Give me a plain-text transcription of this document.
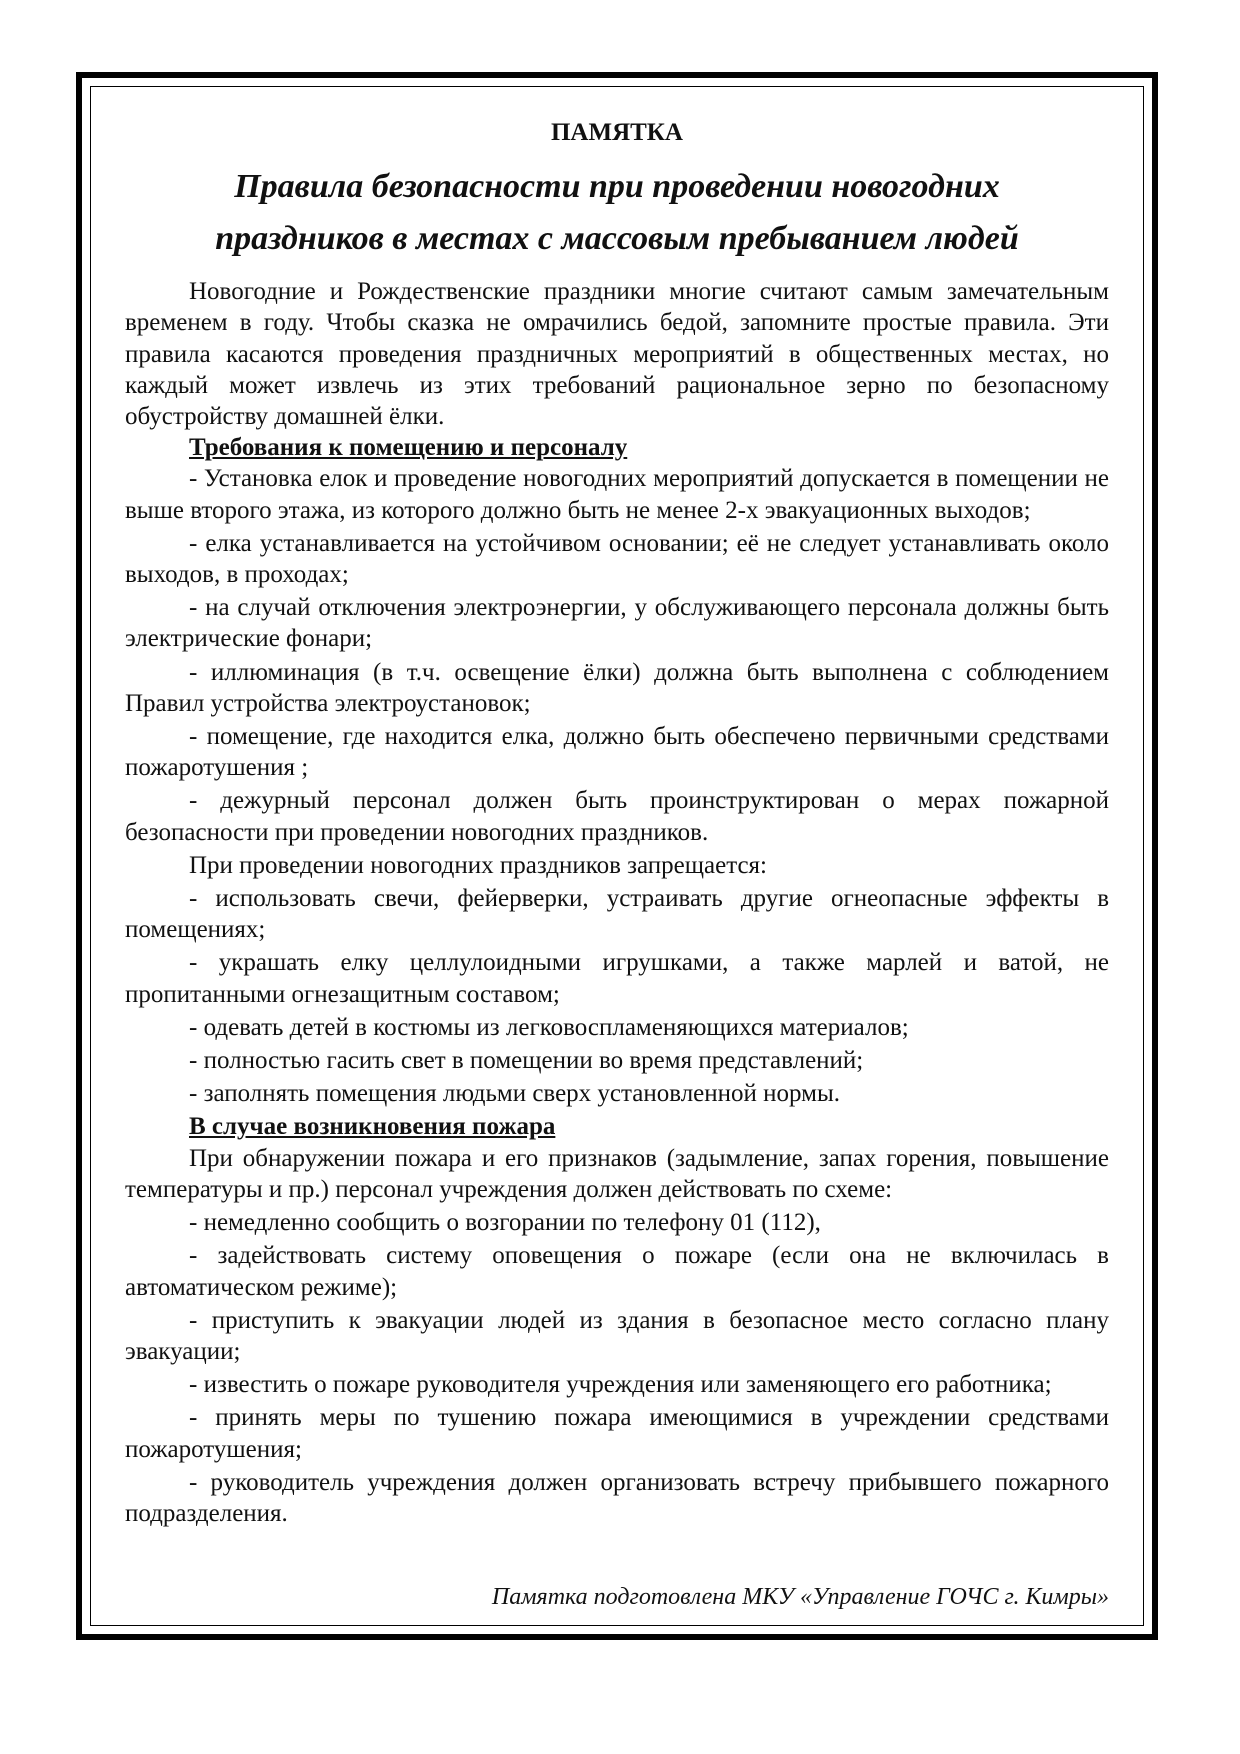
ПАМЯТКА
Правила безопасности при проведении новогодних
праздников в местах с массовым пребыванием людей

Новогодние и Рождественские праздники многие считают самым замечательным временем в году. Чтобы сказка не омрачились бедой, запомните простые правила. Эти правила касаются проведения праздничных мероприятий в общественных местах, но каждый может извлечь из этих требований рациональное зерно по безопасному обустройству домашней ёлки.

Требования к помещению и персоналу

- Установка елок и проведение новогодних мероприятий допускается в помещении не выше второго этажа, из которого должно быть не менее 2-х эвакуационных выходов;

- елка устанавливается на устойчивом основании; её не следует устанавливать около выходов, в проходах;

- на случай отключения электроэнергии, у обслуживающего персонала должны быть электрические фонари;

- иллюминация (в т.ч. освещение ёлки) должна быть выполнена с соблюдением Правил устройства электроустановок;

- помещение, где находится елка, должно быть обеспечено первичными средствами пожаротушения ;

- дежурный персонал должен быть проинструктирован о мерах пожарной безопасности при проведении новогодних праздников.

При проведении новогодних праздников запрещается:

- использовать свечи, фейерверки, устраивать другие огнеопасные эффекты в помещениях;

- украшать елку целлулоидными игрушками, а также марлей и ватой, не пропитанными огнезащитным составом;

- одевать детей в костюмы из легковоспламеняющихся материалов;

- полностью гасить свет в помещении во время представлений;

- заполнять помещения людьми сверх установленной нормы.

В случае возникновения пожара

При обнаружении пожара и его признаков (задымление, запах горения, повышение температуры и пр.) персонал учреждения должен действовать по схеме:

- немедленно сообщить о возгорании по телефону 01 (112),

- задействовать систему оповещения о пожаре (если она не включилась в автоматическом режиме);

- приступить к эвакуации людей из здания в безопасное место согласно плану эвакуации;

- известить о пожаре руководителя учреждения или заменяющего его работника;

- принять меры по тушению пожара имеющимися в учреждении средствами пожаротушения;

- руководитель учреждения должен организовать встречу прибывшего пожарного подразделения.

Памятка подготовлена МКУ «Управление ГОЧС г. Кимры»
